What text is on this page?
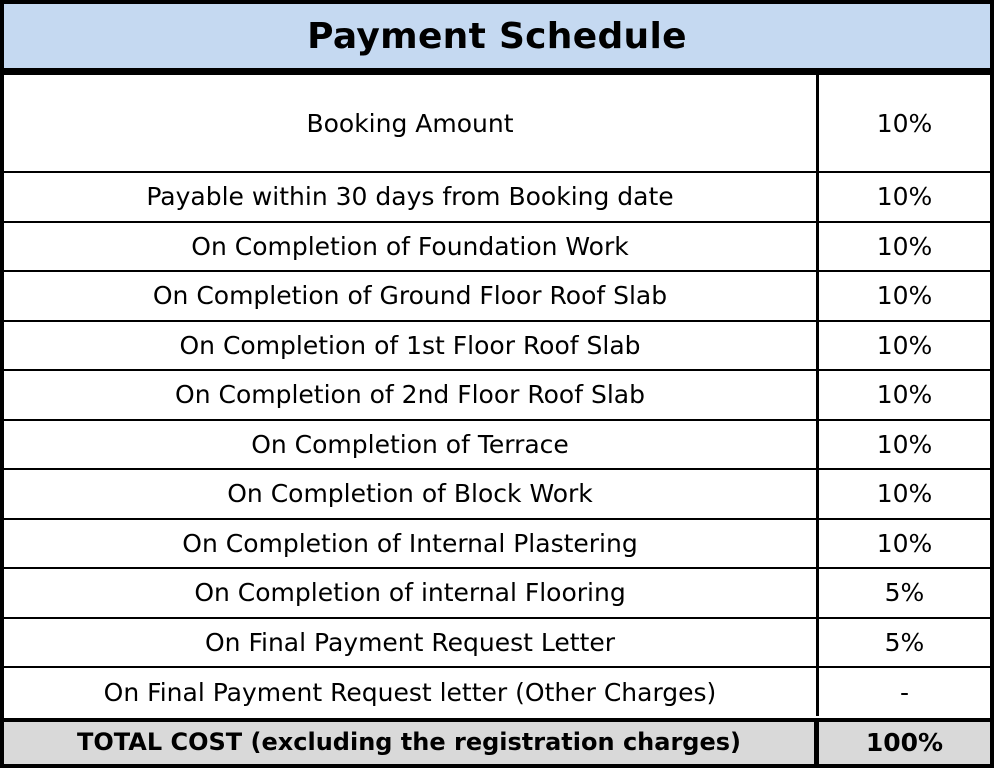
Payment Schedule
Booking Amount	10%
Payable within 30 days from Booking date	10%
On Completion of Foundation Work	10%
On Completion of Ground Floor Roof Slab	10%
On Completion of 1st Floor Roof Slab	10%
On Completion of 2nd Floor Roof Slab	10%
On Completion of Terrace	10%
On Completion of Block Work	10%
On Completion of Internal Plastering	10%
On Completion of internal Flooring	5%
On Final Payment Request Letter	5%
On Final Payment Request letter (Other Charges)	-
TOTAL COST (excluding the registration charges)	100%
